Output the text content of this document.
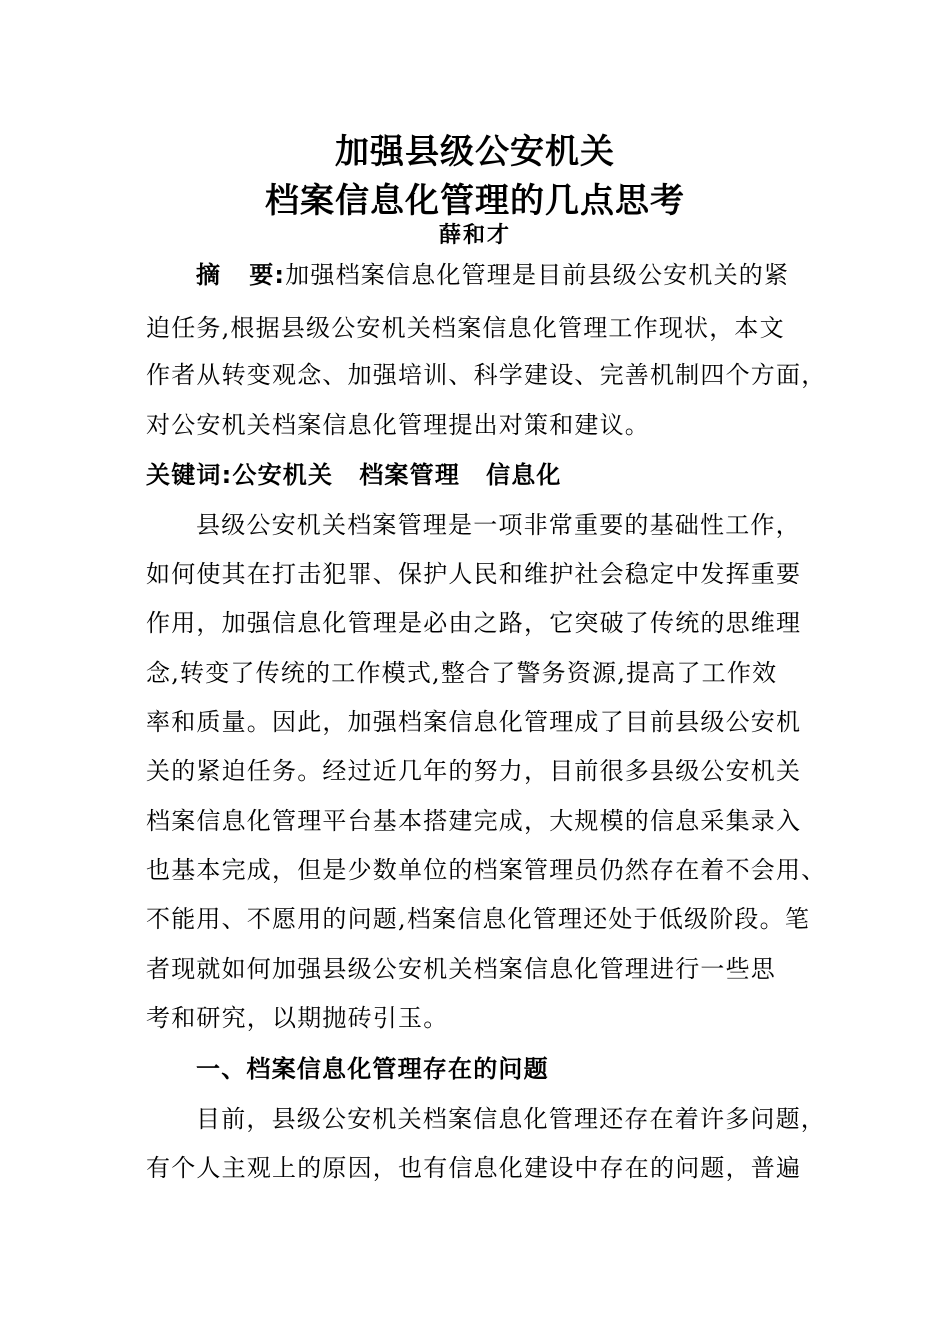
加强县级公安机关
档案信息化管理的几点思考
薛和才
摘 要:加强档案信息化管理是目前县级公安机关的紧
迫任务,根据县级公安机关档案信息化管理工作现状，本文
作者从转变观念、加强培训、科学建设、完善机制四个方面，
对公安机关档案信息化管理提出对策和建议。
关键词:公安机关 档案管理 信息化
县级公安机关档案管理是一项非常重要的基础性工作，
如何使其在打击犯罪、保护人民和维护社会稳定中发挥重要
作用，加强信息化管理是必由之路，它突破了传统的思维理
念,转变了传统的工作模式,整合了警务资源,提高了工作效
率和质量。因此，加强档案信息化管理成了目前县级公安机
关的紧迫任务。经过近几年的努力，目前很多县级公安机关
档案信息化管理平台基本搭建完成，大规模的信息采集录入
也基本完成，但是少数单位的档案管理员仍然存在着不会用、
不能用、不愿用的问题,档案信息化管理还处于低级阶段。笔
者现就如何加强县级公安机关档案信息化管理进行一些思
考和研究，以期抛砖引玉。
一、档案信息化管理存在的问题
目前，县级公安机关档案信息化管理还存在着许多问题，
有个人主观上的原因，也有信息化建设中存在的问题，普遍
